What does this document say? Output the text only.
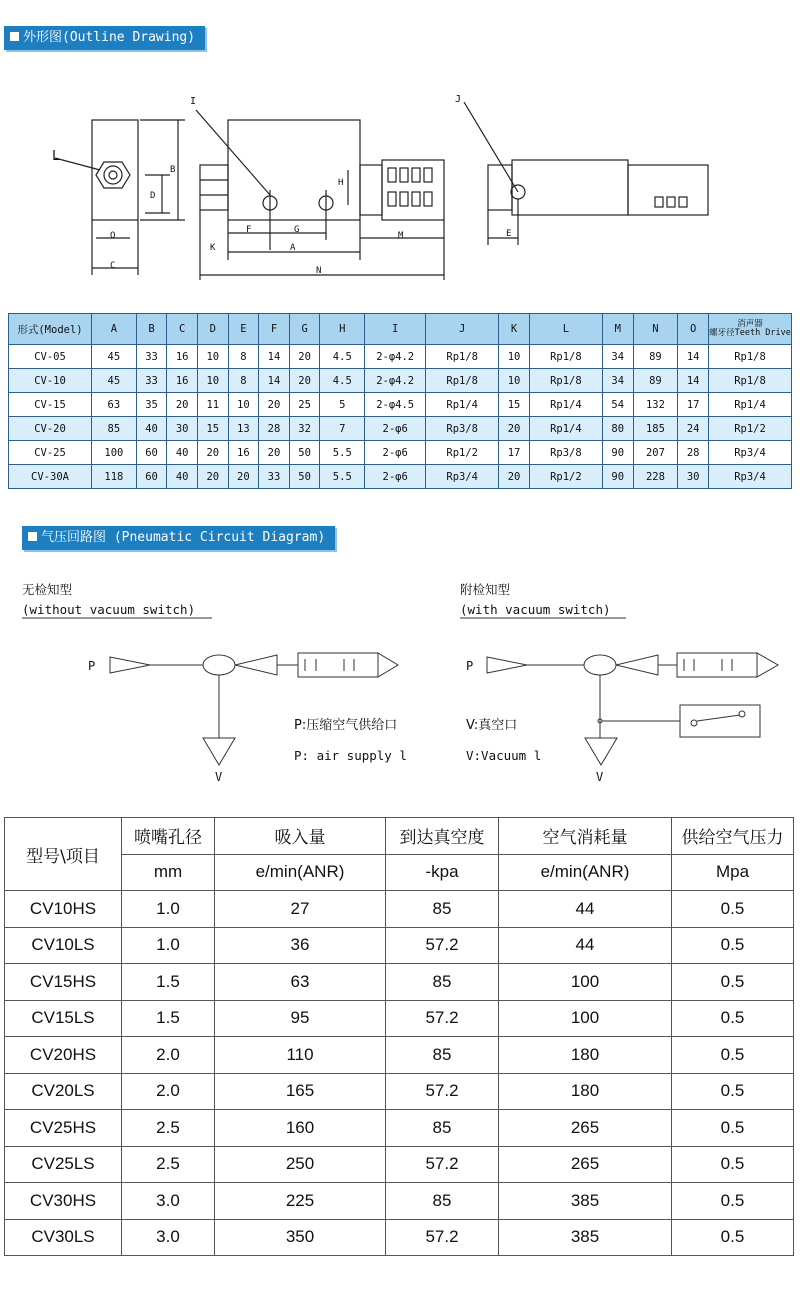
外形图(Outline Drawing)
L
I	J
B
D
O
C
H
F	G
K	A
M
N
E
形式(Model)	A	B	C	D	E	F	G	H	I	J	K	L	M	N	O	消声器
螺牙径Teeth Drive
CV-05	45	33	16	10	8	14	20	4.5	2-φ4.2	Rp1/8	10	Rp1/8	34	89	14	Rp1/8
CV-10	45	33	16	10	8	14	20	4.5	2-φ4.2	Rp1/8	10	Rp1/8	34	89	14	Rp1/8
CV-15	63	35	20	11	10	20	25	5	2-φ4.5	Rp1/4	15	Rp1/4	54	132	17	Rp1/4
CV-20	85	40	30	15	13	28	32	7	2-φ6	Rp3/8	20	Rp1/4	80	185	24	Rp1/2
CV-25	100	60	40	20	16	20	50	5.5	2-φ6	Rp1/2	17	Rp3/8	90	207	28	Rp3/4
CV-30A	118	60	40	20	20	33	50	5.5	2-φ6	Rp3/4	20	Rp1/2	90	228	30	Rp3/4
气压回路图 (Pneumatic Circuit Diagram)
无检知型
(without vacuum switch)
附检知型
(with vacuum switch)
P
V
P
V
P:压缩空气供给口	V:真空口
P: air supply l	V:Vacuum l
型号\项目	喷嘴孔径	吸入量	到达真空度	空气消耗量	供给空气压力
	mm	e/min(ANR)	-kpa	e/min(ANR)	Mpa
CV10HS	1.0	27	85	44	0.5
CV10LS	1.0	36	57.2	44	0.5
CV15HS	1.5	63	85	100	0.5
CV15LS	1.5	95	57.2	100	0.5
CV20HS	2.0	110	85	180	0.5
CV20LS	2.0	165	57.2	180	0.5
CV25HS	2.5	160	85	265	0.5
CV25LS	2.5	250	57.2	265	0.5
CV30HS	3.0	225	85	385	0.5
CV30LS	3.0	350	57.2	385	0.5
